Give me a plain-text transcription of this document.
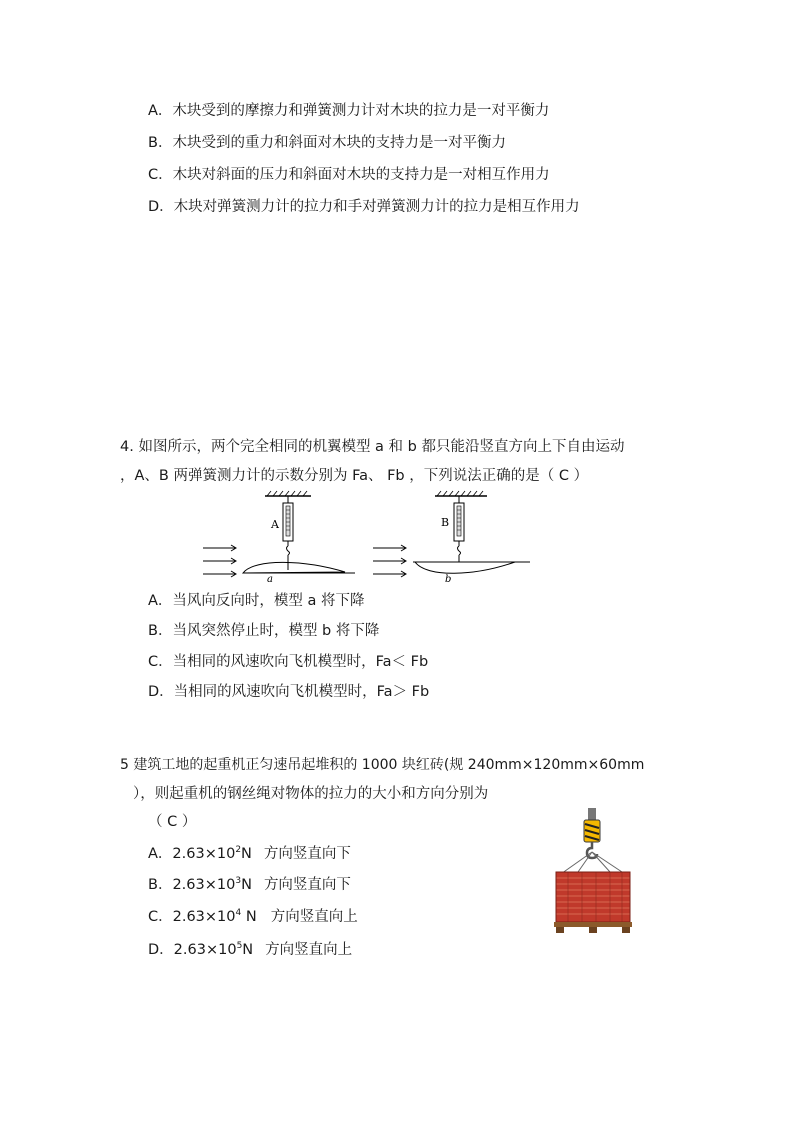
A．木块受到的摩擦力和弹簧测力计对木块的拉力是一对平衡力
B．木块受到的重力和斜面对木块的支持力是一对平衡力
C．木块对斜面的压力和斜面对木块的支持力是一对相互作用力
D．木块对弹簧测力计的拉力和手对弹簧测力计的拉力是相互作用力
4. 如图所示，两个完全相同的机翼模型 a 和 b 都只能沿竖直方向上下自由运动
，A、B 两弹簧测力计的示数分别为 Fa、 Fb ，下列说法正确的是（ C ）
A
a
B
b
A．当风向反向时，模型 a 将下降
B．当风突然停止时，模型 b 将下降
C．当相同的风速吹向飞机模型时，Fa＜ Fb
D．当相同的风速吹向飞机模型时，Fa＞ Fb
5 建筑工地的起重机正匀速吊起堆积的 1000 块红砖(规 240mm×120mm×60mm
），则起重机的钢丝绳对物体的拉力的大小和方向分别为
（ C ）
A．$2.63\times 10^2N$ 方向竖直向下
B．$2.63\times 10^3N$ 方向竖直向下
C．$2.63\times 10^4$ N 方向竖直向上
D．$2.63\times 10^5N$ 方向竖直向上
